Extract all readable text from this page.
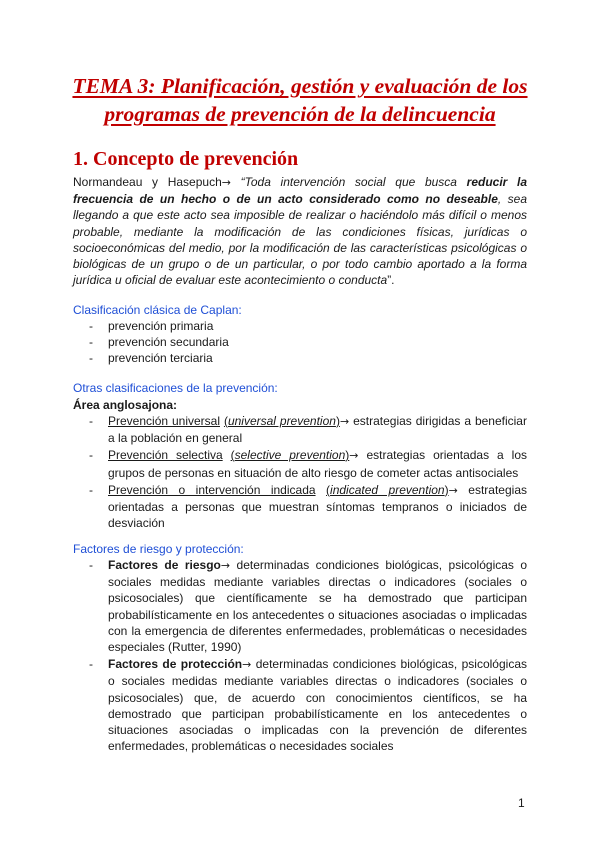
TEMA 3: Planificación, gestión y evaluación de los programas de prevención de la delincuencia
1. Concepto de prevención
Normandeau y Hasepuch→ “Toda intervención social que busca reducir la frecuencia de un hecho o de un acto considerado como no deseable, sea llegando a que este acto sea imposible de realizar o haciéndolo más difícil o menos probable, mediante la modificación de las condiciones físicas, jurídicas o socioeconómicas del medio, por la modificación de las características psicológicas o biológicas de un grupo o de un particular, o por todo cambio aportado a la forma jurídica u oficial de evaluar este acontecimiento o conducta”.
Clasificación clásica de Caplan:
- prevención primaria
- prevención secundaria
- prevención terciaria
Otras clasificaciones de la prevención:
Área anglosajona:
- Prevención universal (universal prevention)→ estrategias dirigidas a beneficiar a la población en general
- Prevención selectiva (selective prevention)→ estrategias orientadas a los grupos de personas en situación de alto riesgo de cometer actas antisociales
- Prevención o intervención indicada (indicated prevention)→ estrategias orientadas a personas que muestran síntomas tempranos o iniciados de desviación
Factores de riesgo y protección:
- Factores de riesgo→ determinadas condiciones biológicas, psicológicas o sociales medidas mediante variables directas o indicadores (sociales o psicosociales) que científicamente se ha demostrado que participan probabilísticamente en los antecedentes o situaciones asociadas o implicadas con la emergencia de diferentes enfermedades, problemáticas o necesidades especiales (Rutter, 1990)
- Factores de protección→ determinadas condiciones biológicas, psicológicas o sociales medidas mediante variables directas o indicadores (sociales o psicosociales) que, de acuerdo con conocimientos científicos, se ha demostrado que participan probabilísticamente en los antecedentes o situaciones asociadas o implicadas con la prevención de diferentes enfermedades, problemáticas o necesidades sociales
1
